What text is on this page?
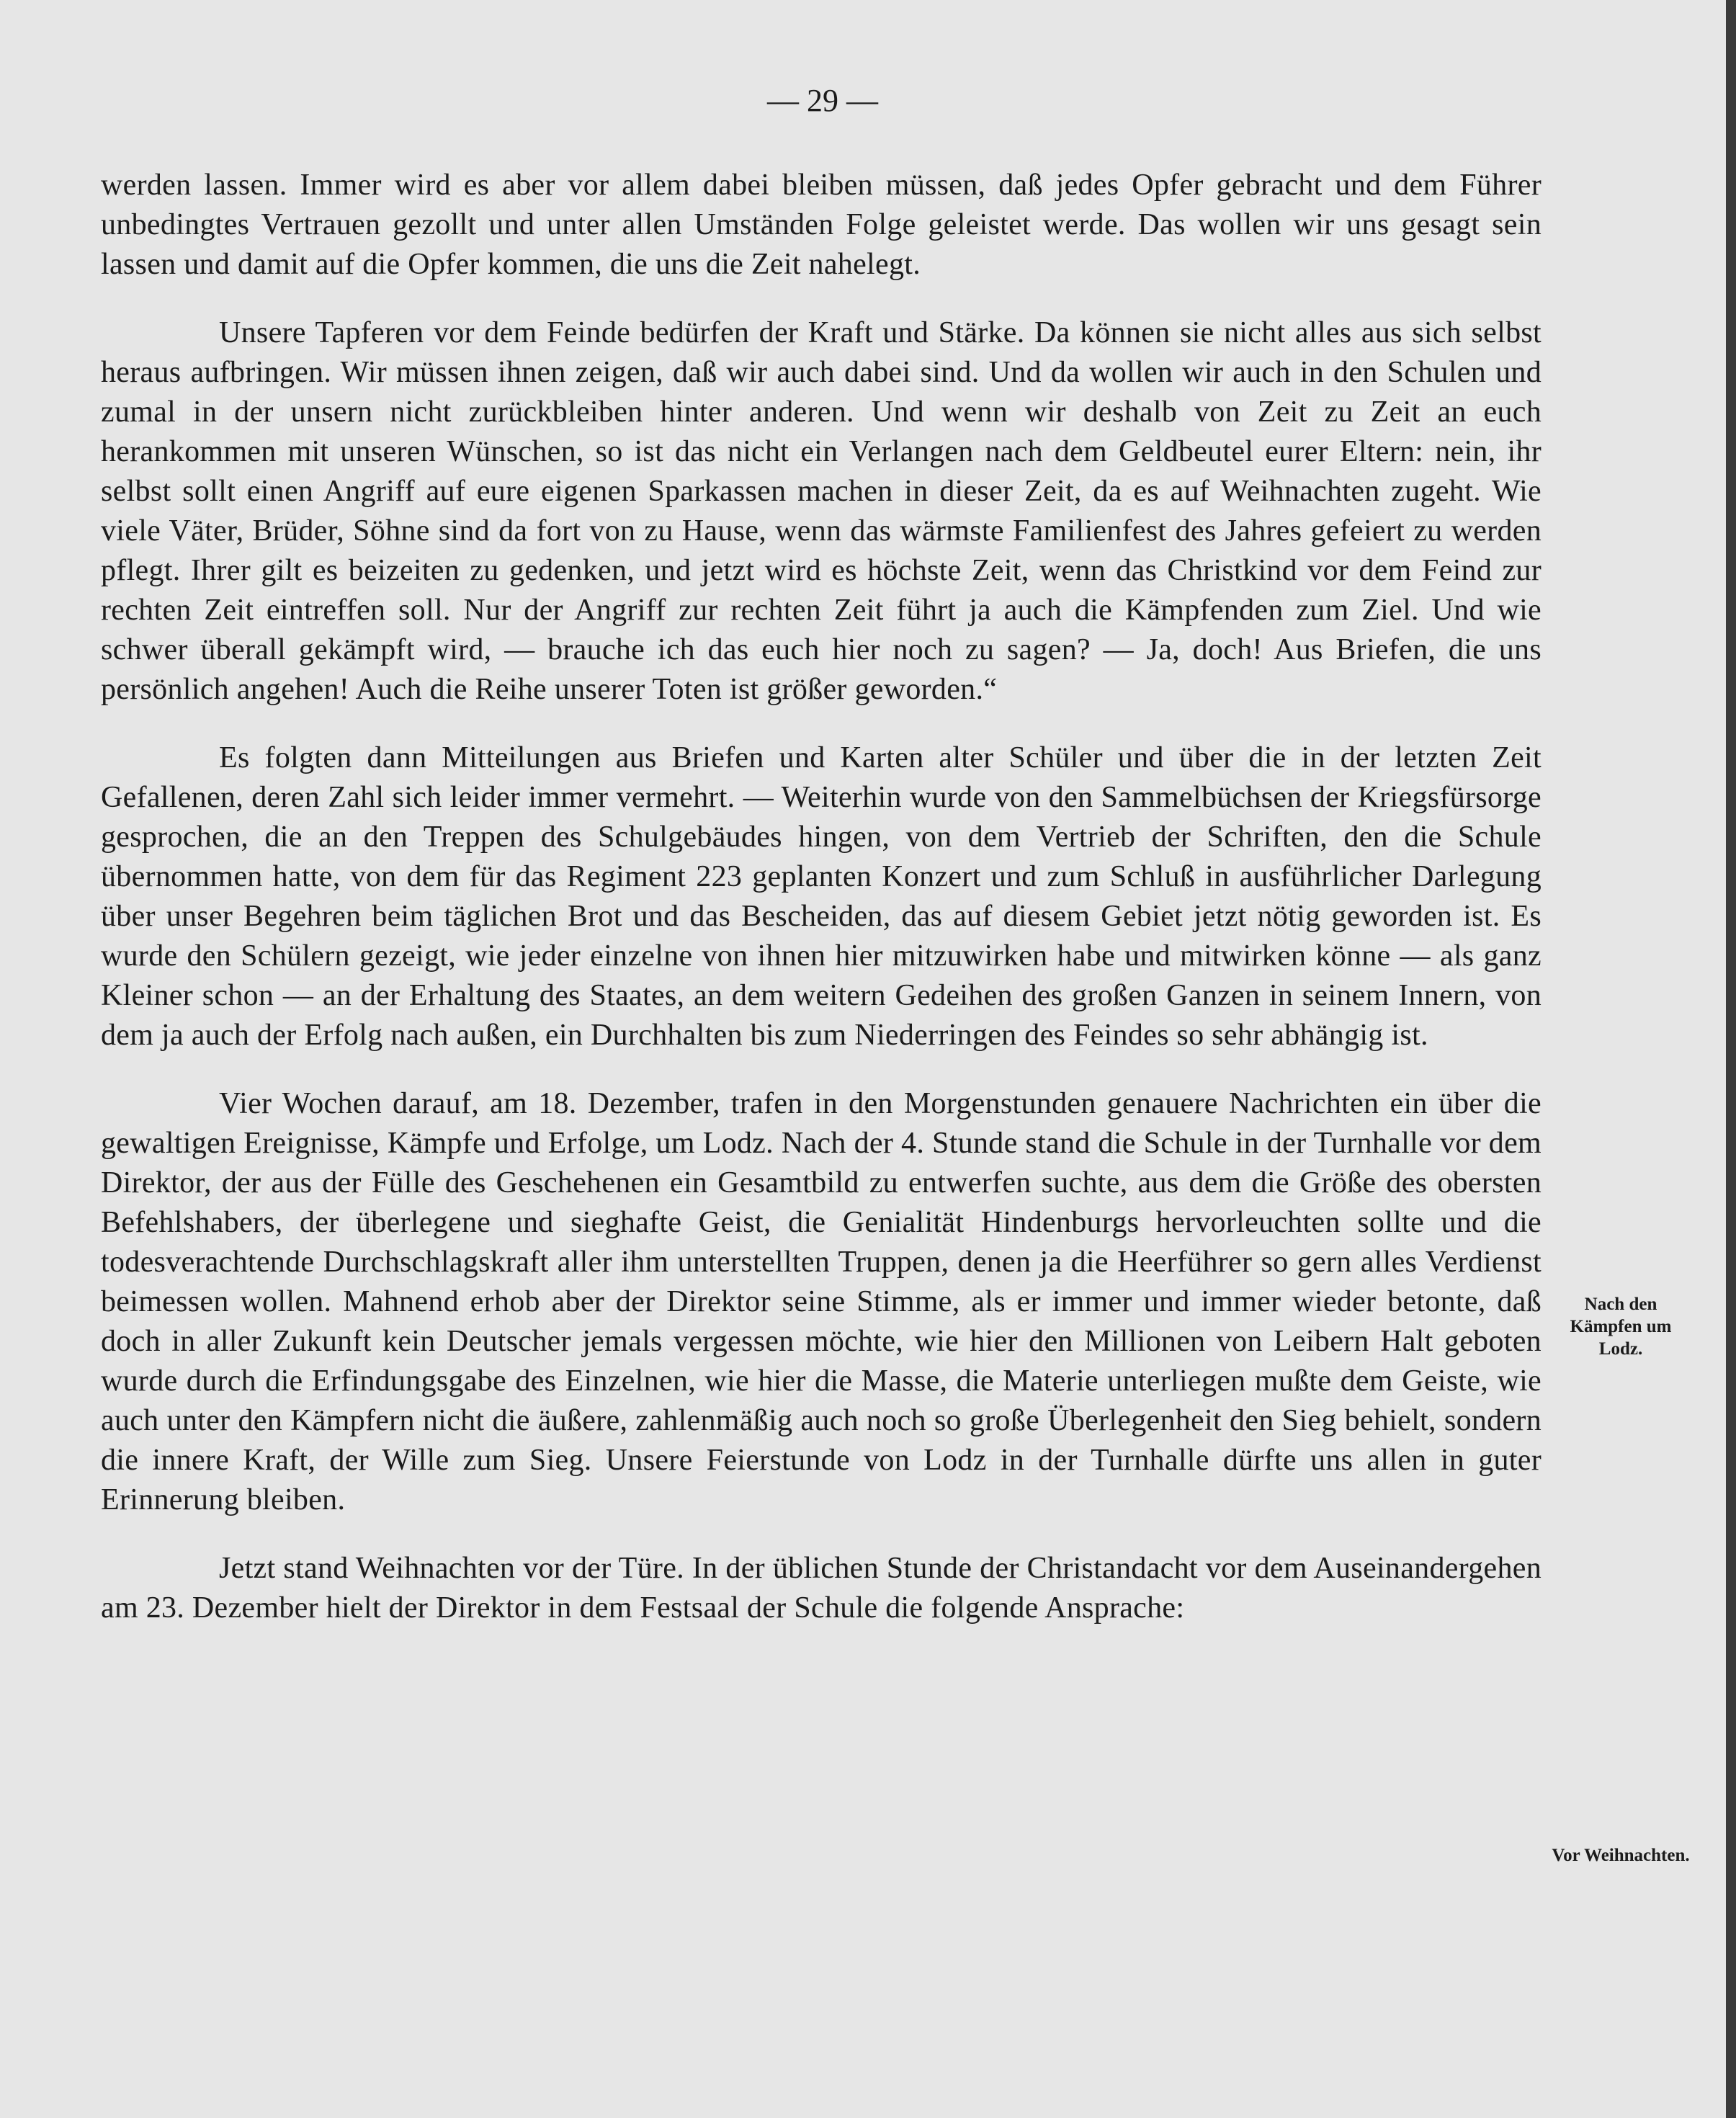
— 29 —

werden lassen. Immer wird es aber vor allem dabei bleiben müssen, daß jedes Opfer gebracht und dem Führer unbedingtes Vertrauen gezollt und unter allen Umständen Folge geleistet werde. Das wollen wir uns gesagt sein lassen und damit auf die Opfer kommen, die uns die Zeit nahelegt.

Unsere Tapferen vor dem Feinde bedürfen der Kraft und Stärke. Da können sie nicht alles aus sich selbst heraus aufbringen. Wir müssen ihnen zeigen, daß wir auch dabei sind. Und da wollen wir auch in den Schulen und zumal in der unsern nicht zurückbleiben hinter anderen. Und wenn wir deshalb von Zeit zu Zeit an euch herankommen mit unseren Wünschen, so ist das nicht ein Verlangen nach dem Geldbeutel eurer Eltern: nein, ihr selbst sollt einen Angriff auf eure eigenen Sparkassen machen in dieser Zeit, da es auf Weihnachten zugeht. Wie viele Väter, Brüder, Söhne sind da fort von zu Hause, wenn das wärmste Familienfest des Jahres gefeiert zu werden pflegt. Ihrer gilt es beizeiten zu gedenken, und jetzt wird es höchste Zeit, wenn das Christkind vor dem Feind zur rechten Zeit eintreffen soll. Nur der Angriff zur rechten Zeit führt ja auch die Kämpfenden zum Ziel. Und wie schwer überall gekämpft wird, — brauche ich das euch hier noch zu sagen? — Ja, doch! Aus Briefen, die uns persönlich angehen! Auch die Reihe unserer Toten ist größer geworden.“

Es folgten dann Mitteilungen aus Briefen und Karten alter Schüler und über die in der letzten Zeit Gefallenen, deren Zahl sich leider immer vermehrt. — Weiterhin wurde von den Sammelbüchsen der Kriegsfürsorge gesprochen, die an den Treppen des Schulgebäudes hingen, von dem Vertrieb der Schriften, den die Schule übernommen hatte, von dem für das Regiment 223 geplanten Konzert und zum Schluß in ausführlicher Darlegung über unser Begehren beim täglichen Brot und das Bescheiden, das auf diesem Gebiet jetzt nötig geworden ist. Es wurde den Schülern gezeigt, wie jeder einzelne von ihnen hier mitzuwirken habe und mitwirken könne — als ganz Kleiner schon — an der Erhaltung des Staates, an dem weitern Gedeihen des großen Ganzen in seinem Innern, von dem ja auch der Erfolg nach außen, ein Durchhalten bis zum Niederringen des Feindes so sehr abhängig ist.

Vier Wochen darauf, am 18. Dezember, trafen in den Morgenstunden genauere Nachrichten ein über die gewaltigen Ereignisse, Kämpfe und Erfolge, um Lodz. Nach der 4. Stunde stand die Schule in der Turnhalle vor dem Direktor, der aus der Fülle des Geschehenen ein Gesamtbild zu entwerfen suchte, aus dem die Größe des obersten Befehlshabers, der überlegene und sieghafte Geist, die Genialität Hindenburgs hervorleuchten sollte und die todesverachtende Durchschlagskraft aller ihm unterstellten Truppen, denen ja die Heerführer so gern alles Verdienst beimessen wollen. Mahnend erhob aber der Direktor seine Stimme, als er immer und immer wieder betonte, daß doch in aller Zukunft kein Deutscher jemals vergessen möchte, wie hier den Millionen von Leibern Halt geboten wurde durch die Erfindungsgabe des Einzelnen, wie hier die Masse, die Materie unterliegen mußte dem Geiste, wie auch unter den Kämpfern nicht die äußere, zahlenmäßig auch noch so große Überlegenheit den Sieg behielt, sondern die innere Kraft, der Wille zum Sieg. Unsere Feierstunde von Lodz in der Turnhalle dürfte uns allen in guter Erinnerung bleiben.

Jetzt stand Weihnachten vor der Türe. In der üblichen Stunde der Christandacht vor dem Auseinandergehen am 23. Dezember hielt der Direktor in dem Festsaal der Schule die folgende Ansprache:

Nach den Kämpfen um Lodz.
Vor Weihnachten.
